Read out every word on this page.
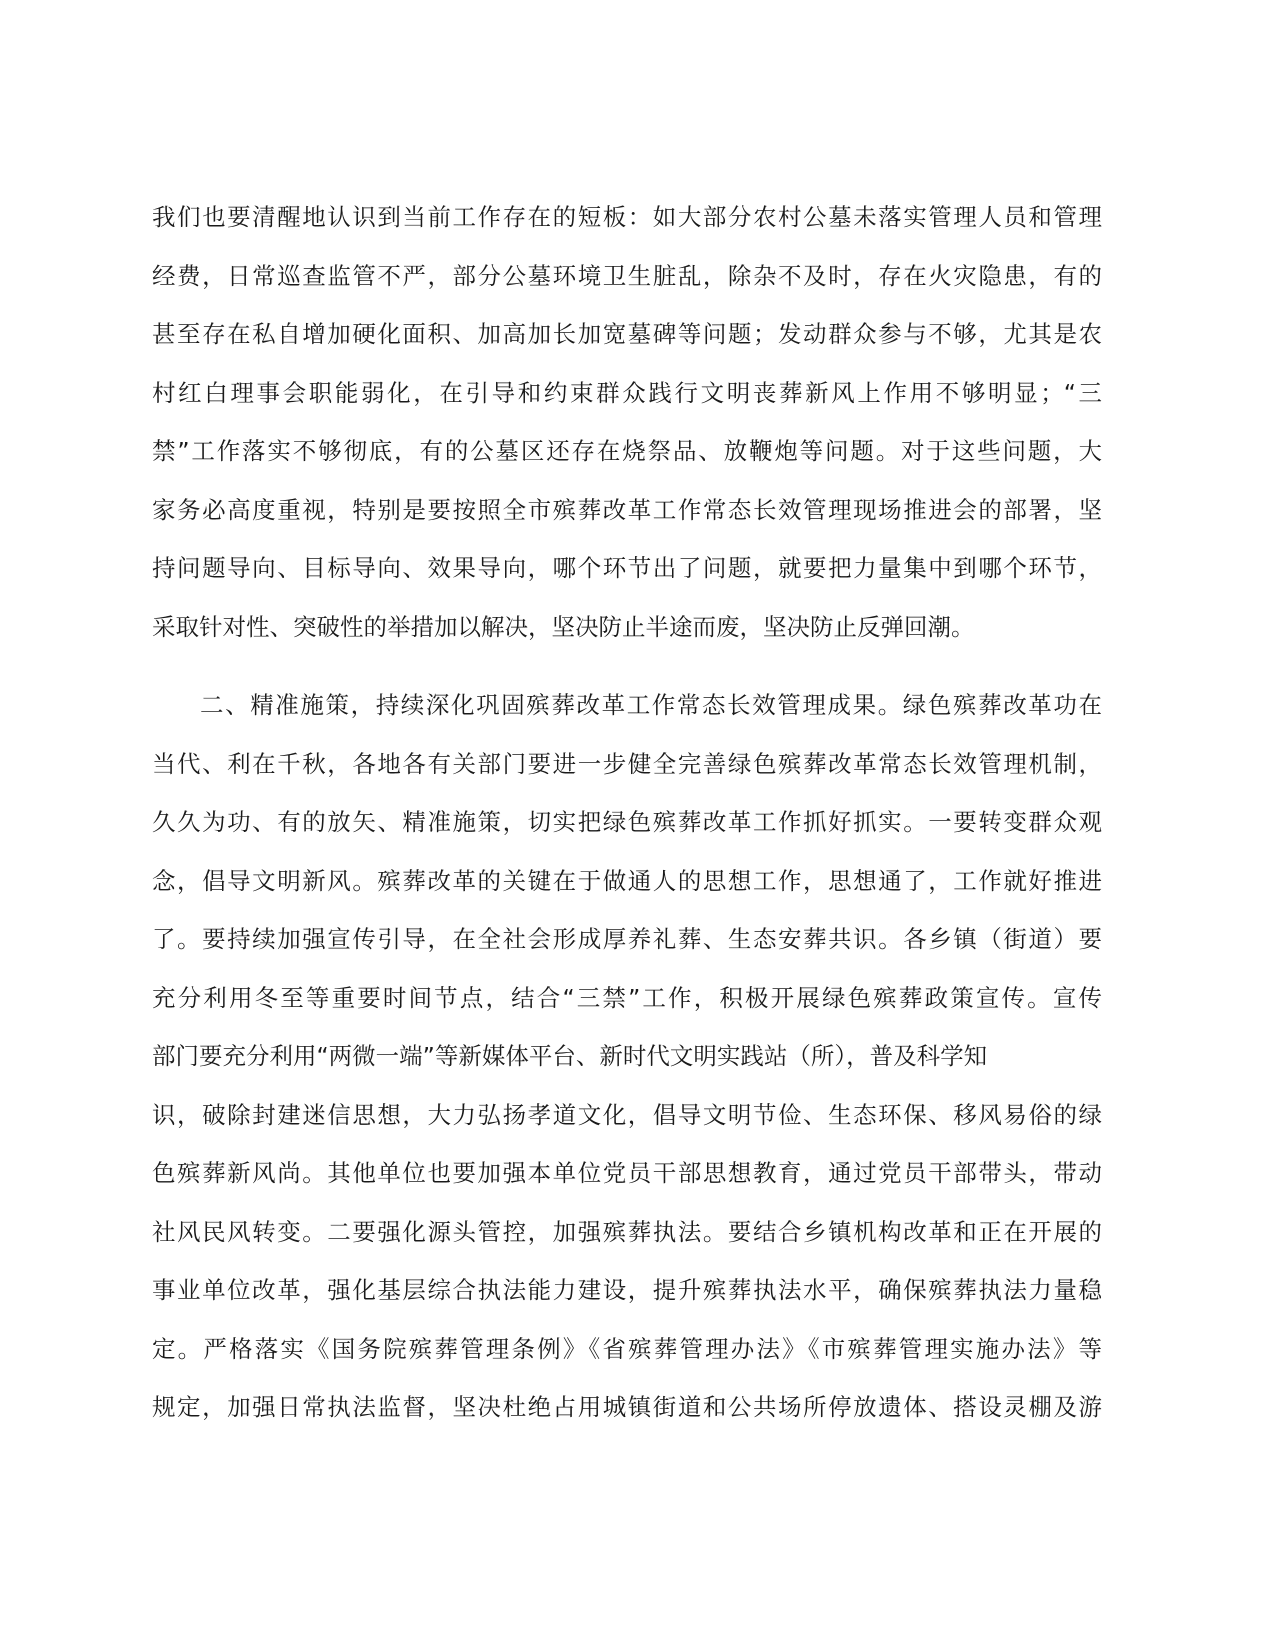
我们也要清醒地认识到当前工作存在的短板：如大部分农村公墓未落实管理人员和管理
经费，日常巡查监管不严，部分公墓环境卫生脏乱，除杂不及时，存在火灾隐患，有的
甚至存在私自增加硬化面积、加高加长加宽墓碑等问题；发动群众参与不够，尤其是农
村红白理事会职能弱化，在引导和约束群众践行文明丧葬新风上作用不够明显；“三
禁”工作落实不够彻底，有的公墓区还存在烧祭品、放鞭炮等问题。对于这些问题，大
家务必高度重视，特别是要按照全市殡葬改革工作常态长效管理现场推进会的部署，坚
持问题导向、目标导向、效果导向，哪个环节出了问题，就要把力量集中到哪个环节，
采取针对性、突破性的举措加以解决，坚决防止半途而废，坚决防止反弹回潮。
二、精准施策，持续深化巩固殡葬改革工作常态长效管理成果。绿色殡葬改革功在
当代、利在千秋，各地各有关部门要进一步健全完善绿色殡葬改革常态长效管理机制，
久久为功、有的放矢、精准施策，切实把绿色殡葬改革工作抓好抓实。一要转变群众观
念，倡导文明新风。殡葬改革的关键在于做通人的思想工作，思想通了，工作就好推进
了。要持续加强宣传引导，在全社会形成厚养礼葬、生态安葬共识。各乡镇（街道）要
充分利用冬至等重要时间节点，结合“三禁”工作，积极开展绿色殡葬政策宣传。宣传
部门要充分利用“两微一端”等新媒体平台、新时代文明实践站（所），普及科学知
识，破除封建迷信思想，大力弘扬孝道文化，倡导文明节俭、生态环保、移风易俗的绿
色殡葬新风尚。其他单位也要加强本单位党员干部思想教育，通过党员干部带头，带动
社风民风转变。二要强化源头管控，加强殡葬执法。要结合乡镇机构改革和正在开展的
事业单位改革，强化基层综合执法能力建设，提升殡葬执法水平，确保殡葬执法力量稳
定。严格落实《国务院殡葬管理条例》《省殡葬管理办法》《市殡葬管理实施办法》等
规定，加强日常执法监督，坚决杜绝占用城镇街道和公共场所停放遗体、搭设灵棚及游
